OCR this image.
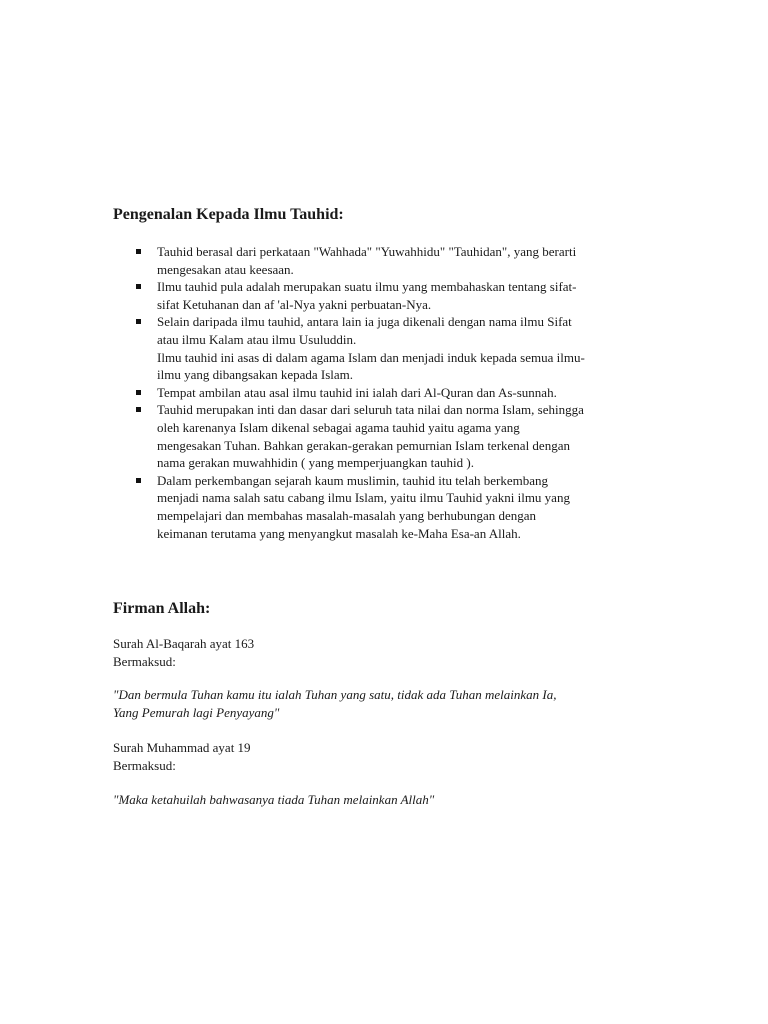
Pengenalan Kepada Ilmu Tauhid:
Tauhid berasal dari perkataan "Wahhada" "Yuwahhidu" "Tauhidan", yang berarti
mengesakan atau keesaan.
Ilmu tauhid pula adalah merupakan suatu ilmu yang membahaskan tentang sifat-
sifat Ketuhanan dan af 'al-Nya yakni perbuatan-Nya.
Selain daripada ilmu tauhid, antara lain ia juga dikenali dengan nama ilmu Sifat
atau ilmu Kalam atau ilmu Usuluddin.
Ilmu tauhid ini asas di dalam agama Islam dan menjadi induk kepada semua ilmu-
ilmu yang dibangsakan kepada Islam.
Tempat ambilan atau asal ilmu tauhid ini ialah dari Al-Quran dan As-sunnah.
Tauhid merupakan inti dan dasar dari seluruh tata nilai dan norma Islam, sehingga
oleh karenanya Islam dikenal sebagai agama tauhid yaitu agama yang
mengesakan Tuhan. Bahkan gerakan-gerakan pemurnian Islam terkenal dengan
nama gerakan muwahhidin ( yang memperjuangkan tauhid ).
Dalam perkembangan sejarah kaum muslimin, tauhid itu telah berkembang
menjadi nama salah satu cabang ilmu Islam, yaitu ilmu Tauhid yakni ilmu yang
mempelajari dan membahas masalah-masalah yang berhubungan dengan
keimanan terutama yang menyangkut masalah ke-Maha Esa-an Allah.
Firman Allah:
Surah Al-Baqarah ayat 163
Bermaksud:
"Dan bermula Tuhan kamu itu ialah Tuhan yang satu, tidak ada Tuhan melainkan Ia,
Yang Pemurah lagi Penyayang"
Surah Muhammad ayat 19
Bermaksud:
"Maka ketahuilah bahwasanya tiada Tuhan melainkan Allah"
